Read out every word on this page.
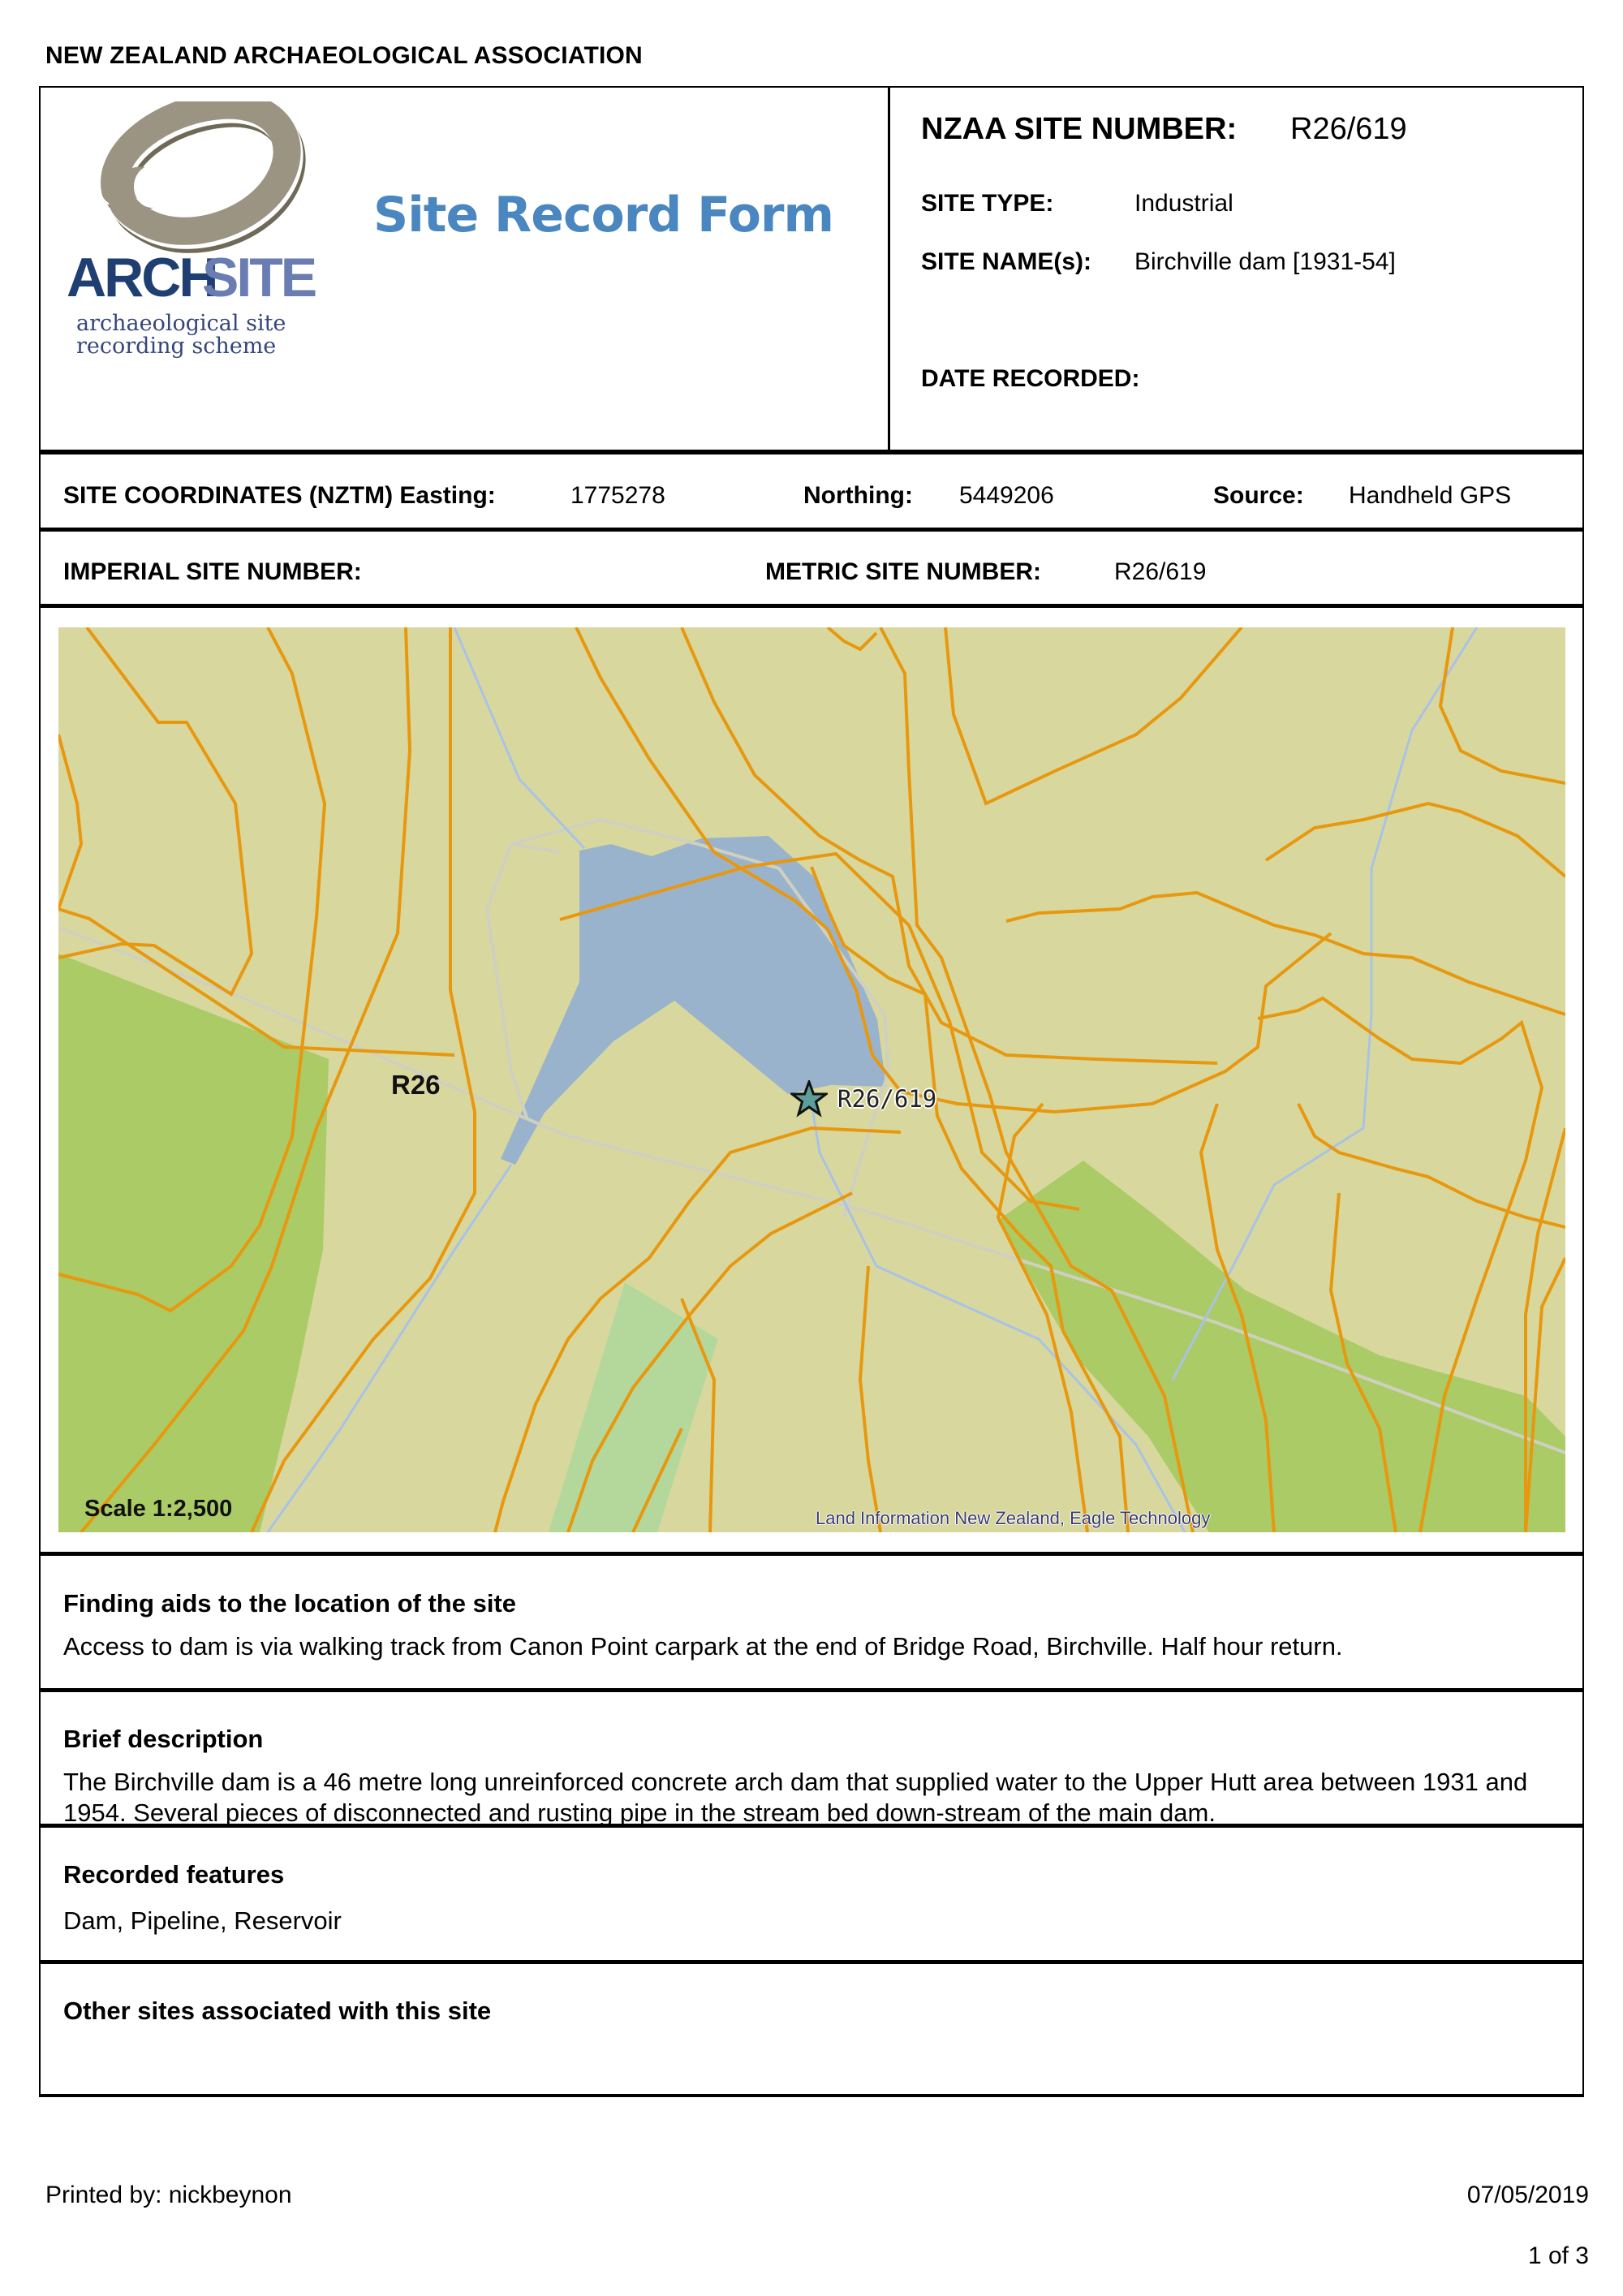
NEW ZEALAND ARCHAEOLOGICAL ASSOCIATION
ARCH
SITE
archaeological site
recording scheme
Site Record Form
NZAA SITE NUMBER: R26/619
SITE TYPE:	Industrial
SITE NAME(s): Birchville dam [1931-54]
DATE RECORDED:
SITE COORDINATES (NZTM) Easting:	1775278	Northing: 5449206	Source: Handheld GPS
IMPERIAL SITE NUMBER:	METRIC SITE NUMBER:	R26/619
R26/619
R26
Scale 1:2,500	Land Information New Zealand, Eagle Technology
Finding aids to the location of the site
Access to dam is via walking track from Canon Point carpark at the end of Bridge Road, Birchville. Half hour return.
Brief description
The Birchville dam is a 46 metre long unreinforced concrete arch dam that supplied water to the Upper Hutt area between 1931 and 1954. Several pieces of disconnected and rusting pipe in the stream bed down-stream of the main dam.
Recorded features
Dam, Pipeline, Reservoir
Other sites associated with this site
Printed by: nickbeynon	07/05/2019
1 of 3
